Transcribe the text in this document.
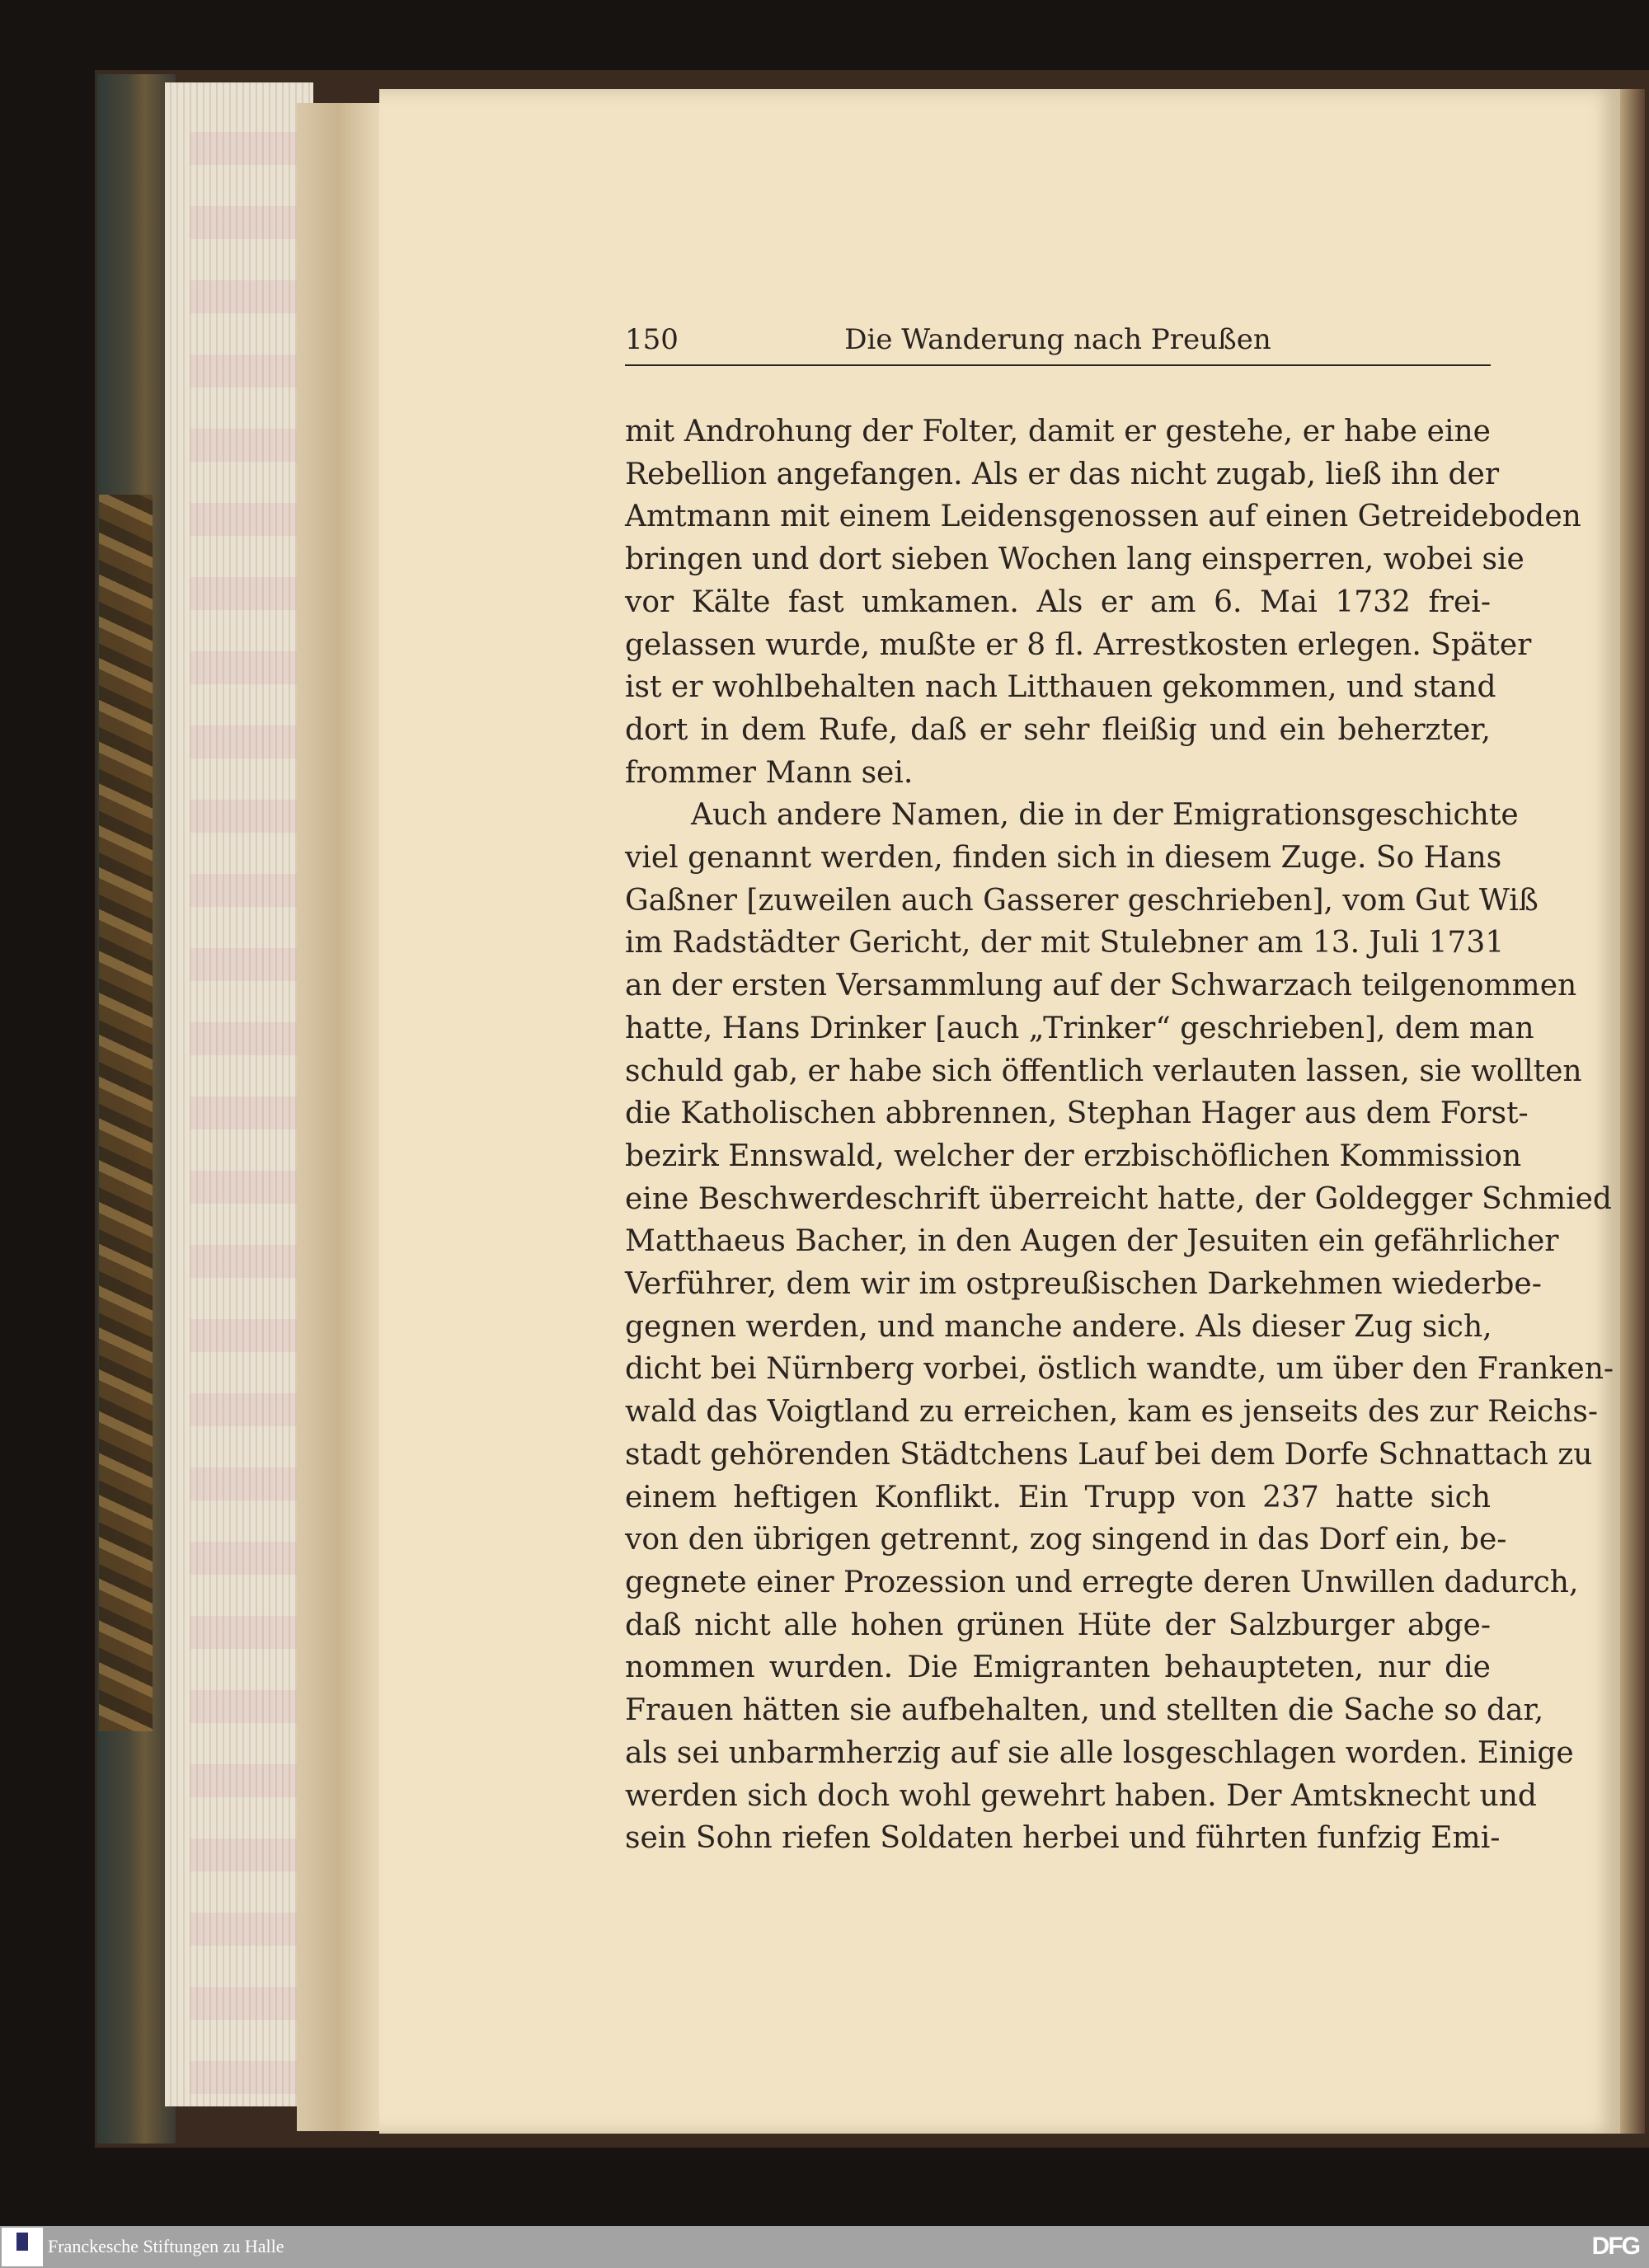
150	Die Wanderung nach Preußen
mit Androhung der Folter, damit er gestehe, er habe eine
Rebellion angefangen. Als er das nicht zugab, ließ ihn der
Amtmann mit einem Leidensgenossen auf einen Getreideboden
bringen und dort sieben Wochen lang einsperren, wobei sie
vor Kälte fast umkamen. Als er am 6. Mai 1732 frei-
gelassen wurde, mußte er 8 fl. Arrestkosten erlegen. Später
ist er wohlbehalten nach Litthauen gekommen, und stand
dort in dem Rufe, daß er sehr fleißig und ein beherzter,
frommer Mann sei.
Auch andere Namen, die in der Emigrationsgeschichte
viel genannt werden, finden sich in diesem Zuge. So Hans
Gaßner [zuweilen auch Gasserer geschrieben], vom Gut Wiß
im Radstädter Gericht, der mit Stulebner am 13. Juli 1731
an der ersten Versammlung auf der Schwarzach teilgenommen
hatte, Hans Drinker [auch „Trinker“ geschrieben], dem man
schuld gab, er habe sich öffentlich verlauten lassen, sie wollten
die Katholischen abbrennen, Stephan Hager aus dem Forst-
bezirk Ennswald, welcher der erzbischöflichen Kommission
eine Beschwerdeschrift überreicht hatte, der Goldegger Schmied
Matthaeus Bacher, in den Augen der Jesuiten ein gefährlicher
Verführer, dem wir im ostpreußischen Darkehmen wiederbe-
gegnen werden, und manche andere. Als dieser Zug sich,
dicht bei Nürnberg vorbei, östlich wandte, um über den Franken-
wald das Voigtland zu erreichen, kam es jenseits des zur Reichs-
stadt gehörenden Städtchens Lauf bei dem Dorfe Schnattach zu
einem heftigen Konflikt. Ein Trupp von 237 hatte sich
von den übrigen getrennt, zog singend in das Dorf ein, be-
gegnete einer Prozession und erregte deren Unwillen dadurch,
daß nicht alle hohen grünen Hüte der Salzburger abge-
nommen wurden. Die Emigranten behaupteten, nur die
Frauen hätten sie aufbehalten, und stellten die Sache so dar,
als sei unbarmherzig auf sie alle losgeschlagen worden. Einige
werden sich doch wohl gewehrt haben. Der Amtsknecht und
sein Sohn riefen Soldaten herbei und führten funfzig Emi-
Franckesche Stiftungen zu Halle	DFG
